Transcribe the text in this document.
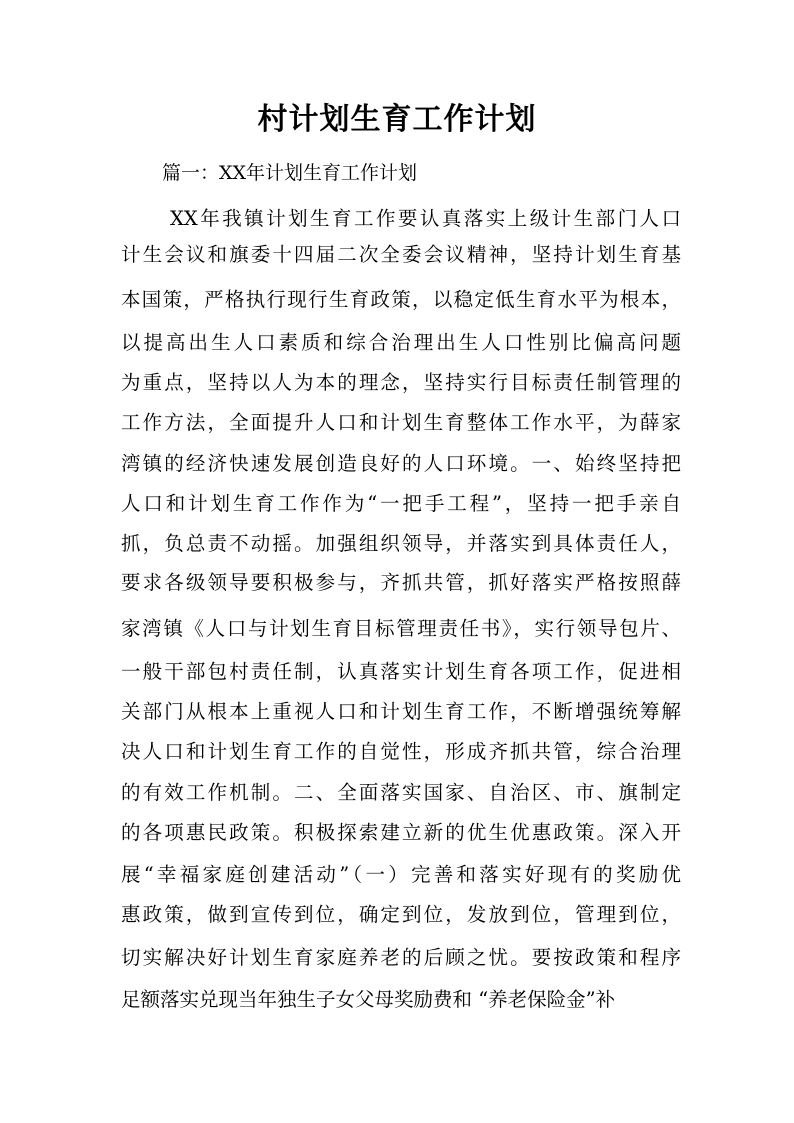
村计划生育工作计划

篇一：XX年计划生育工作计划

XX年我镇计划生育工作要认真落实上级计生部门人口

计生会议和旗委十四届二次全委会议精神，坚持计划生育基

本国策，严格执行现行生育政策，以稳定低生育水平为根本，

以提高出生人口素质和综合治理出生人口性别比偏高问题

为重点，坚持以人为本的理念，坚持实行目标责任制管理的

工作方法，全面提升人口和计划生育整体工作水平，为薛家

湾镇的经济快速发展创造良好的人口环境。一、始终坚持把

人口和计划生育工作作为“一把手工程”，坚持一把手亲自

抓，负总责不动摇。加强组织领导，并落实到具体责任人，

要求各级领导要积极参与，齐抓共管，抓好落实严格按照薛

家湾镇《人口与计划生育目标管理责任书》，实行领导包片、

一般干部包村责任制，认真落实计划生育各项工作，促进相

关部门从根本上重视人口和计划生育工作，不断增强统筹解

决人口和计划生育工作的自觉性，形成齐抓共管，综合治理

的有效工作机制。二、全面落实国家、自治区、市、旗制定

的各项惠民政策。积极探索建立新的优生优惠政策。深入开

展“幸福家庭创建活动”（一）完善和落实好现有的奖励优

惠政策，做到宣传到位，确定到位，发放到位，管理到位，

切实解决好计划生育家庭养老的后顾之忧。要按政策和程序

足额落实兑现当年独生子女父母奖励费和 “养老保险金”补
